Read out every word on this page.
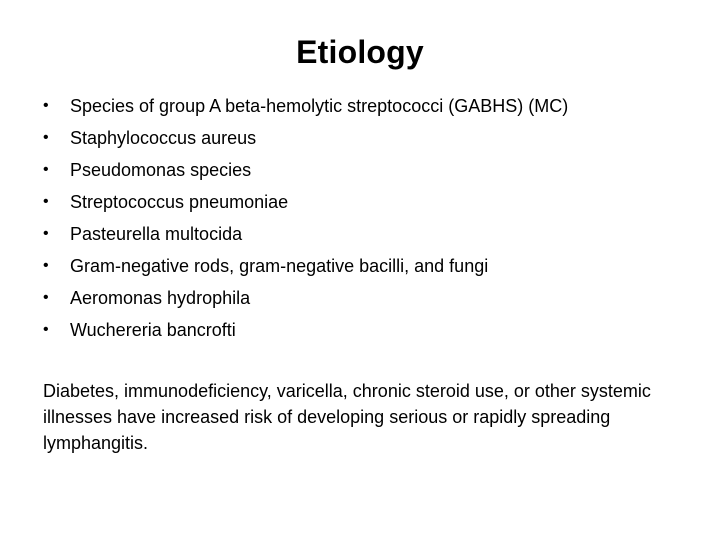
Etiology
•	Species of group A beta-hemolytic streptococci (GABHS) (MC)
•	Staphylococcus aureus
•	Pseudomonas species
•	Streptococcus pneumoniae
•	Pasteurella multocida
•	Gram-negative rods, gram-negative bacilli, and fungi
•	Aeromonas hydrophila
•	Wuchereria bancrofti

Diabetes, immunodeficiency, varicella, chronic steroid use, or other systemic illnesses have increased risk of developing serious or rapidly spreading lymphangitis.
